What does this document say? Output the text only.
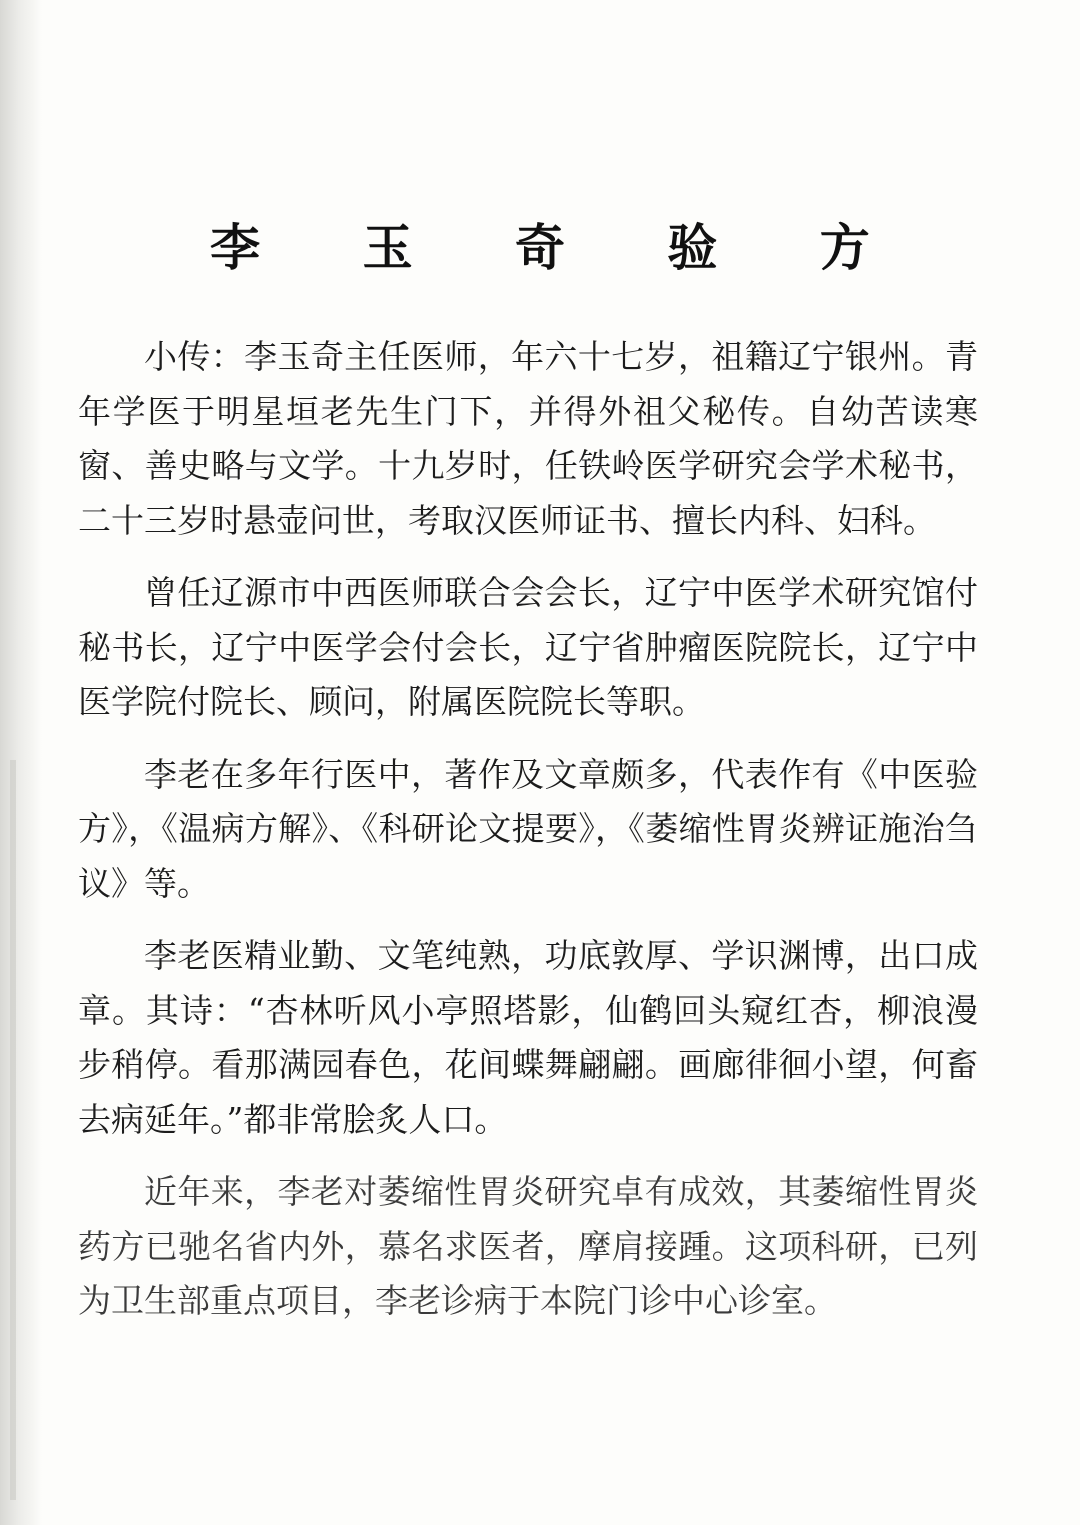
李 玉 奇 验 方

小传：李玉奇主任医师，年六十七岁，祖籍辽宁银州。青年学医于明星垣老先生门下，并得外祖父秘传。自幼苦读寒窗、善史略与文学。十九岁时，任铁岭医学研究会学术秘书，二十三岁时悬壶问世，考取汉医师证书、擅长内科、妇科。

曾任辽源市中西医师联合会会长，辽宁中医学术研究馆付秘书长，辽宁中医学会付会长，辽宁省肿瘤医院院长，辽宁中医学院付院长、顾问，附属医院院长等职。

李老在多年行医中，著作及文章颇多，代表作有《中医验方》，《温病方解》、《科研论文提要》，《萎缩性胃炎辨证施治刍议》等。

李老医精业勤、文笔纯熟，功底敦厚、学识渊博，出口成章。其诗：“杏林听风小亭照塔影，仙鹤回头窥红杏，柳浪漫步稍停。看那满园春色，花间蝶舞翩翩。画廊徘徊小望，何畜去病延年。”都非常脍炙人口。

近年来，李老对萎缩性胃炎研究卓有成效，其萎缩性胃炎药方已驰名省内外，慕名求医者，摩肩接踵。这项科研，已列为卫生部重点项目，李老诊病于本院门诊中心诊室。
